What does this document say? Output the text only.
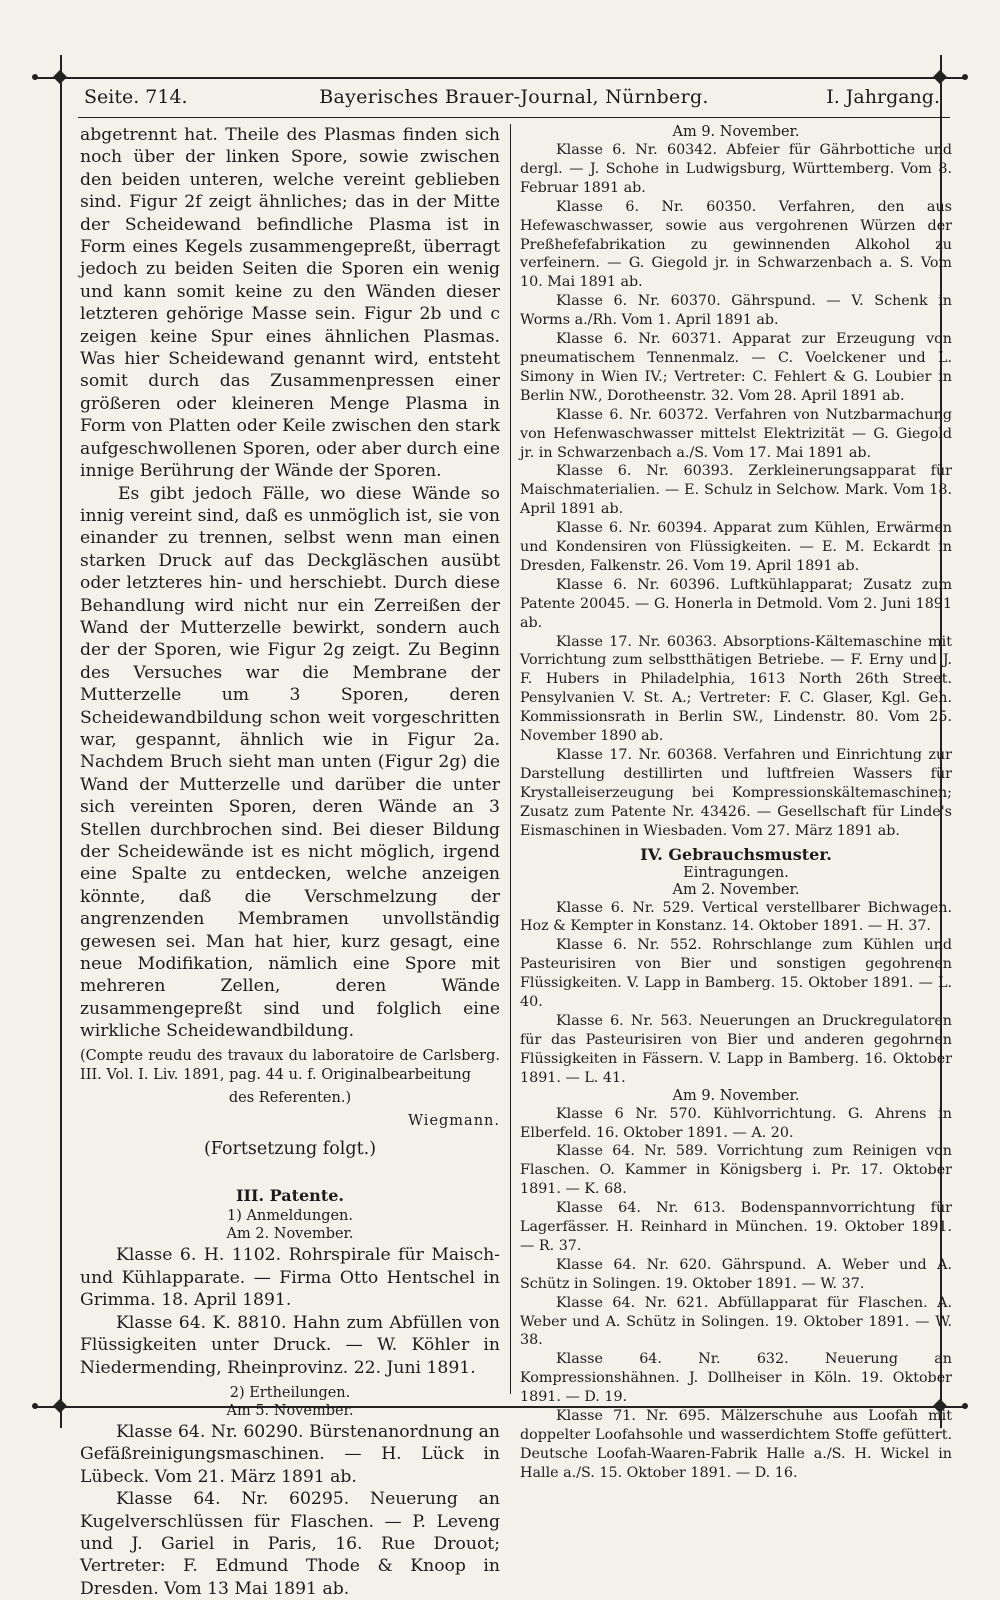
Seite. 714.	Bayerisches Brauer-Journal, Nürnberg.	I. Jahrgang.

abgetrennt hat. Theile des Plasmas finden sich noch über der linken Spore, sowie zwischen den beiden unteren, welche vereint geblieben sind. Figur 2f zeigt ähnliches; das in der Mitte der Scheidewand befindliche Plasma ist in Form eines Kegels zusammengepreßt, überragt jedoch zu beiden Seiten die Sporen ein wenig und kann somit keine zu den Wänden dieser letzteren gehörige Masse sein. Figur 2b und c zeigen keine Spur eines ähnlichen Plasmas. Was hier Scheidewand genannt wird, entsteht somit durch das Zusammenpressen einer größeren oder kleineren Menge Plasma in Form von Platten oder Keile zwischen den stark aufgeschwollenen Sporen, oder aber durch eine innige Berührung der Wände der Sporen.

Es gibt jedoch Fälle, wo diese Wände so innig vereint sind, daß es unmöglich ist, sie von einander zu trennen, selbst wenn man einen starken Druck auf das Deckgläschen ausübt oder letzteres hin- und herschiebt. Durch diese Behandlung wird nicht nur ein Zerreißen der Wand der Mutterzelle bewirkt, sondern auch der der Sporen, wie Figur 2g zeigt. Zu Beginn des Versuches war die Membrane der Mutterzelle um 3 Sporen, deren Scheidewandbildung schon weit vorgeschritten war, gespannt, ähnlich wie in Figur 2a. Nachdem Bruch sieht man unten (Figur 2g) die Wand der Mutterzelle und darüber die unter sich vereinten Sporen, deren Wände an 3 Stellen durchbrochen sind. Bei dieser Bildung der Scheidewände ist es nicht möglich, irgend eine Spalte zu entdecken, welche anzeigen könnte, daß die Verschmelzung der angrenzenden Membramen unvollständig gewesen sei. Man hat hier, kurz gesagt, eine neue Modifikation, nämlich eine Spore mit mehreren Zellen, deren Wände zusammengepreßt sind und folglich eine wirkliche Scheidewandbildung.

(Compte reudu des travaux du laboratoire de Carlsberg. III. Vol. I. Liv. 1891, pag. 44 u. f. Originalbearbeitung

des Referenten.)

Wiegmann.

(Fortsetzung folgt.)

III. Patente.
1) Anmeldungen.
Am 2. November.

Klasse 6. H. 1102. Rohrspirale für Maisch- und Kühlapparate. — Firma Otto Hentschel in Grimma. 18. April 1891.

Klasse 64. K. 8810. Hahn zum Abfüllen von Flüssigkeiten unter Druck. — W. Köhler in Niedermending, Rheinprovinz. 22. Juni 1891.

2) Ertheilungen.
Am 5. November.

Klasse 64. Nr. 60290. Bürstenanordnung an Gefäßreinigungsmaschinen. — H. Lück in Lübeck. Vom 21. März 1891 ab.

Klasse 64. Nr. 60295. Neuerung an Kugelverschlüssen für Flaschen. — P. Leveng und J. Gariel in Paris, 16. Rue Drouot; Vertreter: F. Edmund Thode & Knoop in Dresden. Vom 13 Mai 1891 ab.

Am 9. November.

Klasse 6. Nr. 60342. Abfeier für Gährbottiche und dergl. — J. Schohe in Ludwigsburg, Württemberg. Vom 8. Februar 1891 ab.

Klasse 6. Nr. 60350. Verfahren, den aus Hefewaschwasser, sowie aus vergohrenen Würzen der Preßhefefabrikation zu gewinnenden Alkohol zu verfeinern. — G. Giegold jr. in Schwarzenbach a. S. Vom 10. Mai 1891 ab.

Klasse 6. Nr. 60370. Gährspund. — V. Schenk in Worms a./Rh. Vom 1. April 1891 ab.

Klasse 6. Nr. 60371. Apparat zur Erzeugung von pneumatischem Tennenmalz. — C. Voelckener und L. Simony in Wien IV.; Vertreter: C. Fehlert & G. Loubier in Berlin NW., Dorotheenstr. 32. Vom 28. April 1891 ab.

Klasse 6. Nr. 60372. Verfahren von Nutzbarmachung von Hefenwaschwasser mittelst Elektrizität — G. Giegold jr. in Schwarzenbach a./S. Vom 17. Mai 1891 ab.

Klasse 6. Nr. 60393. Zerkleinerungsapparat für Maischmaterialien. — E. Schulz in Selchow. Mark. Vom 18. April 1891 ab.

Klasse 6. Nr. 60394. Apparat zum Kühlen, Erwärmen und Kondensiren von Flüssigkeiten. — E. M. Eckardt in Dresden, Falkenstr. 26. Vom 19. April 1891 ab.

Klasse 6. Nr. 60396. Luftkühlapparat; Zusatz zum Patente 20045. — G. Honerla in Detmold. Vom 2. Juni 1891 ab.

Klasse 17. Nr. 60363. Absorptions-Kältemaschine mit Vorrichtung zum selbstthätigen Betriebe. — F. Erny und J. F. Hubers in Philadelphia, 1613 North 26th Street. Pensylvanien V. St. A.; Vertreter: F. C. Glaser, Kgl. Geh. Kommissionsrath in Berlin SW., Lindenstr. 80. Vom 25. November 1890 ab.

Klasse 17. Nr. 60368. Verfahren und Einrichtung zur Darstellung destillirten und luftfreien Wassers für Krystalleiserzeugung bei Kompressionskältemaschinen; Zusatz zum Patente Nr. 43426. — Gesellschaft für Linde's Eismaschinen in Wiesbaden. Vom 27. März 1891 ab.

IV. Gebrauchsmuster.
Eintragungen.
Am 2. November.

Klasse 6. Nr. 529. Vertical verstellbarer Bichwagen. Hoz & Kempter in Konstanz. 14. Oktober 1891. — H. 37.

Klasse 6. Nr. 552. Rohrschlange zum Kühlen und Pasteurisiren von Bier und sonstigen gegohrenen Flüssigkeiten. V. Lapp in Bamberg. 15. Oktober 1891. — L. 40.

Klasse 6. Nr. 563. Neuerungen an Druckregulatoren für das Pasteurisiren von Bier und anderen gegohrnen Flüssigkeiten in Fässern. V. Lapp in Bamberg. 16. Oktober 1891. — L. 41.

Am 9. November.

Klasse 6 Nr. 570. Kühlvorrichtung. G. Ahrens in Elberfeld. 16. Oktober 1891. — A. 20.

Klasse 64. Nr. 589. Vorrichtung zum Reinigen von Flaschen. O. Kammer in Königsberg i. Pr. 17. Oktober 1891. — K. 68.

Klasse 64. Nr. 613. Bodenspannvorrichtung für Lagerfässer. H. Reinhard in München. 19. Oktober 1891. — R. 37.

Klasse 64. Nr. 620. Gährspund. A. Weber und A. Schütz in Solingen. 19. Oktober 1891. — W. 37.

Klasse 64. Nr. 621. Abfüllapparat für Flaschen. A. Weber und A. Schütz in Solingen. 19. Oktober 1891. — W. 38.

Klasse 64. Nr. 632. Neuerung an Kompressionshähnen. J. Dollheiser in Köln. 19. Oktober 1891. — D. 19.

Klasse 71. Nr. 695. Mälzerschuhe aus Loofah mit doppelter Loofahsohle und wasserdichtem Stoffe gefüttert. Deutsche Loofah-Waaren-Fabrik Halle a./S. H. Wickel in Halle a./S. 15. Oktober 1891. — D. 16.
